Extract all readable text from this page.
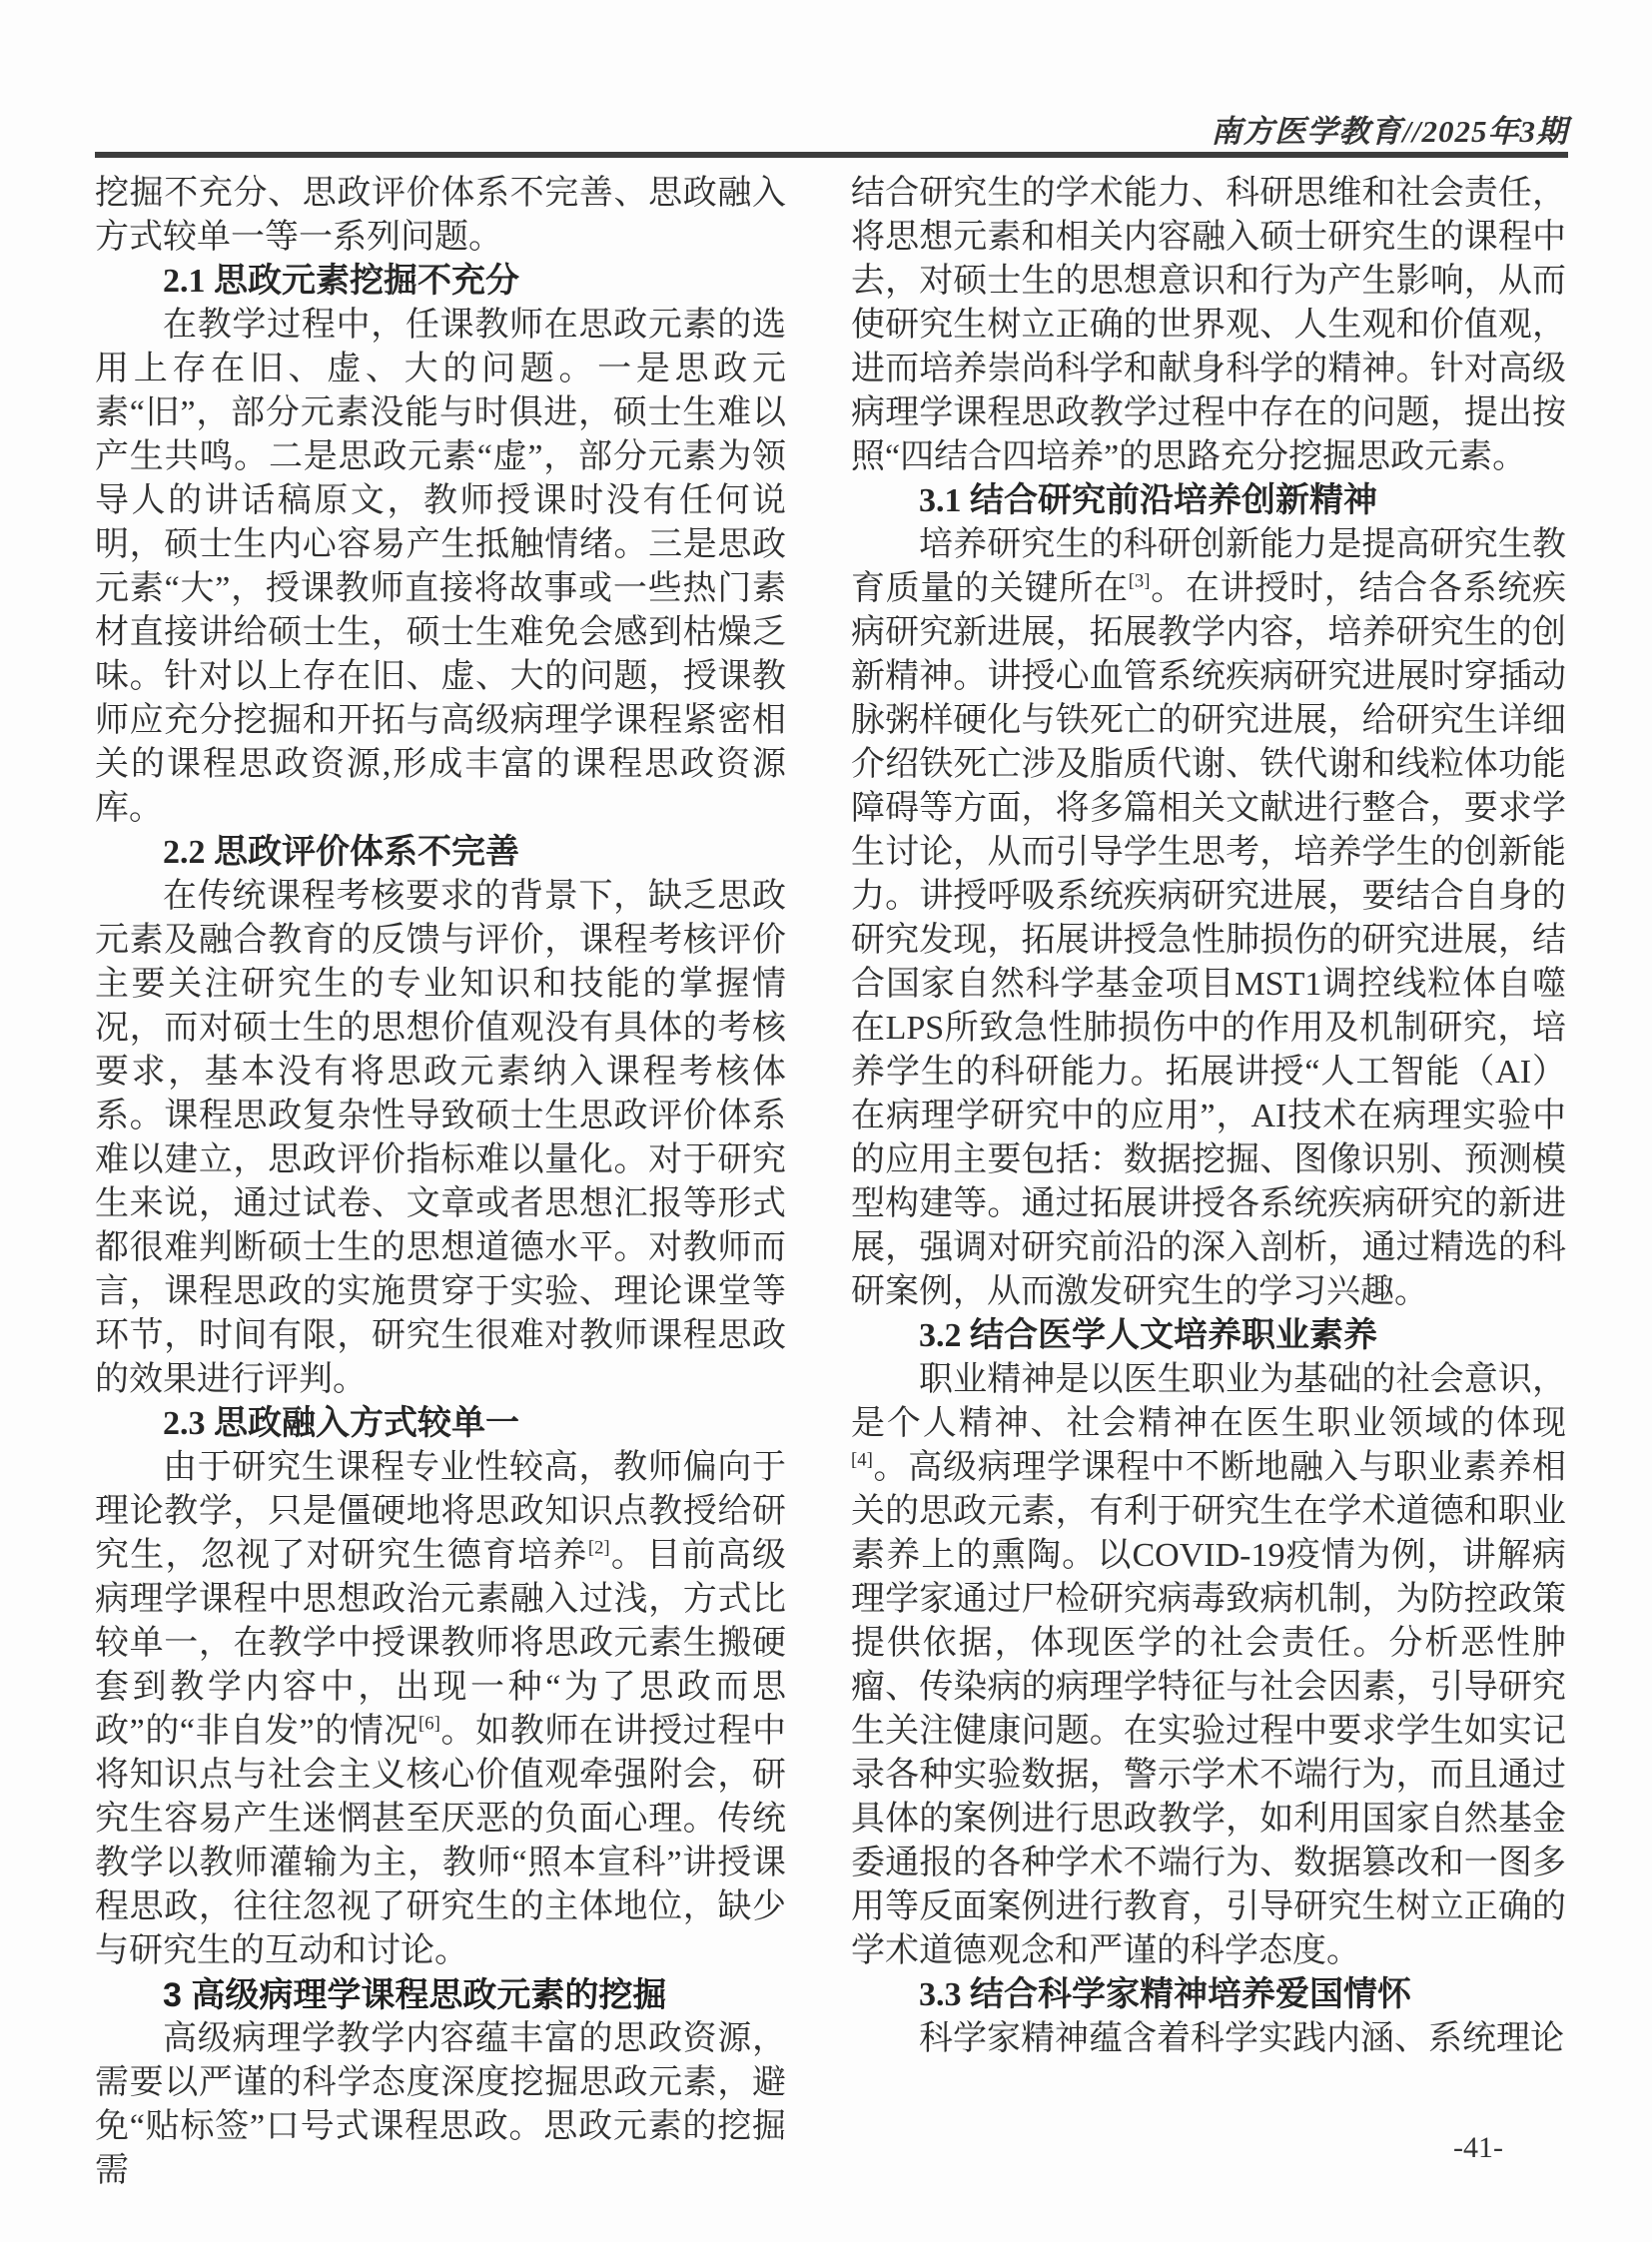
南方医学教育//2025年3期

挖掘不充分、思政评价体系不完善、思政融入方式较单一等一系列问题。

2.1 思政元素挖掘不充分

在教学过程中，任课教师在思政元素的选用上存在旧、虚、大的问题。一是思政元素“旧”，部分元素没能与时俱进，硕士生难以产生共鸣。二是思政元素“虚”，部分元素为领导人的讲话稿原文，教师授课时没有任何说明，硕士生内心容易产生抵触情绪。三是思政元素“大”，授课教师直接将故事或一些热门素材直接讲给硕士生，硕士生难免会感到枯燥乏味。针对以上存在旧、虚、大的问题，授课教师应充分挖掘和开拓与高级病理学课程紧密相关的课程思政资源,形成丰富的课程思政资源库。

2.2 思政评价体系不完善

在传统课程考核要求的背景下，缺乏思政元素及融合教育的反馈与评价，课程考核评价主要关注研究生的专业知识和技能的掌握情况，而对硕士生的思想价值观没有具体的考核要求，基本没有将思政元素纳入课程考核体系。课程思政复杂性导致硕士生思政评价体系难以建立，思政评价指标难以量化。对于研究生来说，通过试卷、文章或者思想汇报等形式都很难判断硕士生的思想道德水平。对教师而言，课程思政的实施贯穿于实验、理论课堂等环节，时间有限，研究生很难对教师课程思政的效果进行评判。

2.3 思政融入方式较单一

由于研究生课程专业性较高，教师偏向于理论教学，只是僵硬地将思政知识点教授给研究生，忽视了对研究生德育培养[2]。目前高级病理学课程中思想政治元素融入过浅，方式比较单一，在教学中授课教师将思政元素生搬硬套到教学内容中，出现一种“为了思政而思政”的“非自发”的情况[6]。如教师在讲授过程中将知识点与社会主义核心价值观牵强附会，研究生容易产生迷惘甚至厌恶的负面心理。传统教学以教师灌输为主，教师“照本宣科”讲授课程思政，往往忽视了研究生的主体地位，缺少与研究生的互动和讨论。

3 高级病理学课程思政元素的挖掘

高级病理学教学内容蕴丰富的思政资源，需要以严谨的科学态度深度挖掘思政元素，避免“贴标签”口号式课程思政。思政元素的挖掘需

结合研究生的学术能力、科研思维和社会责任，将思想元素和相关内容融入硕士研究生的课程中去，对硕士生的思想意识和行为产生影响，从而使研究生树立正确的世界观、人生观和价值观，进而培养崇尚科学和献身科学的精神。针对高级病理学课程思政教学过程中存在的问题，提出按照“四结合四培养”的思路充分挖掘思政元素。

3.1 结合研究前沿培养创新精神

培养研究生的科研创新能力是提高研究生教育质量的关键所在[3]。在讲授时，结合各系统疾病研究新进展，拓展教学内容，培养研究生的创新精神。讲授心血管系统疾病研究进展时穿插动脉粥样硬化与铁死亡的研究进展，给研究生详细介绍铁死亡涉及脂质代谢、铁代谢和线粒体功能障碍等方面，将多篇相关文献进行整合，要求学生讨论，从而引导学生思考，培养学生的创新能力。讲授呼吸系统疾病研究进展，要结合自身的研究发现，拓展讲授急性肺损伤的研究进展，结合国家自然科学基金项目MST1调控线粒体自噬在LPS所致急性肺损伤中的作用及机制研究，培养学生的科研能力。拓展讲授“人工智能（AI）在病理学研究中的应用”，AI技术在病理实验中的应用主要包括：数据挖掘、图像识别、预测模型构建等。通过拓展讲授各系统疾病研究的新进展，强调对研究前沿的深入剖析，通过精选的科研案例，从而激发研究生的学习兴趣。

3.2 结合医学人文培养职业素养

职业精神是以医生职业为基础的社会意识，是个人精神、社会精神在医生职业领域的体现[4]。高级病理学课程中不断地融入与职业素养相关的思政元素，有利于研究生在学术道德和职业素养上的熏陶。以COVID-19疫情为例，讲解病理学家通过尸检研究病毒致病机制，为防控政策提供依据，体现医学的社会责任。分析恶性肿瘤、传染病的病理学特征与社会因素，引导研究生关注健康问题。在实验过程中要求学生如实记录各种实验数据，警示学术不端行为，而且通过具体的案例进行思政教学，如利用国家自然基金委通报的各种学术不端行为、数据篡改和一图多用等反面案例进行教育，引导研究生树立正确的学术道德观念和严谨的科学态度。

3.3 结合科学家精神培养爱国情怀

科学家精神蕴含着科学实践内涵、系统理论

-41-
